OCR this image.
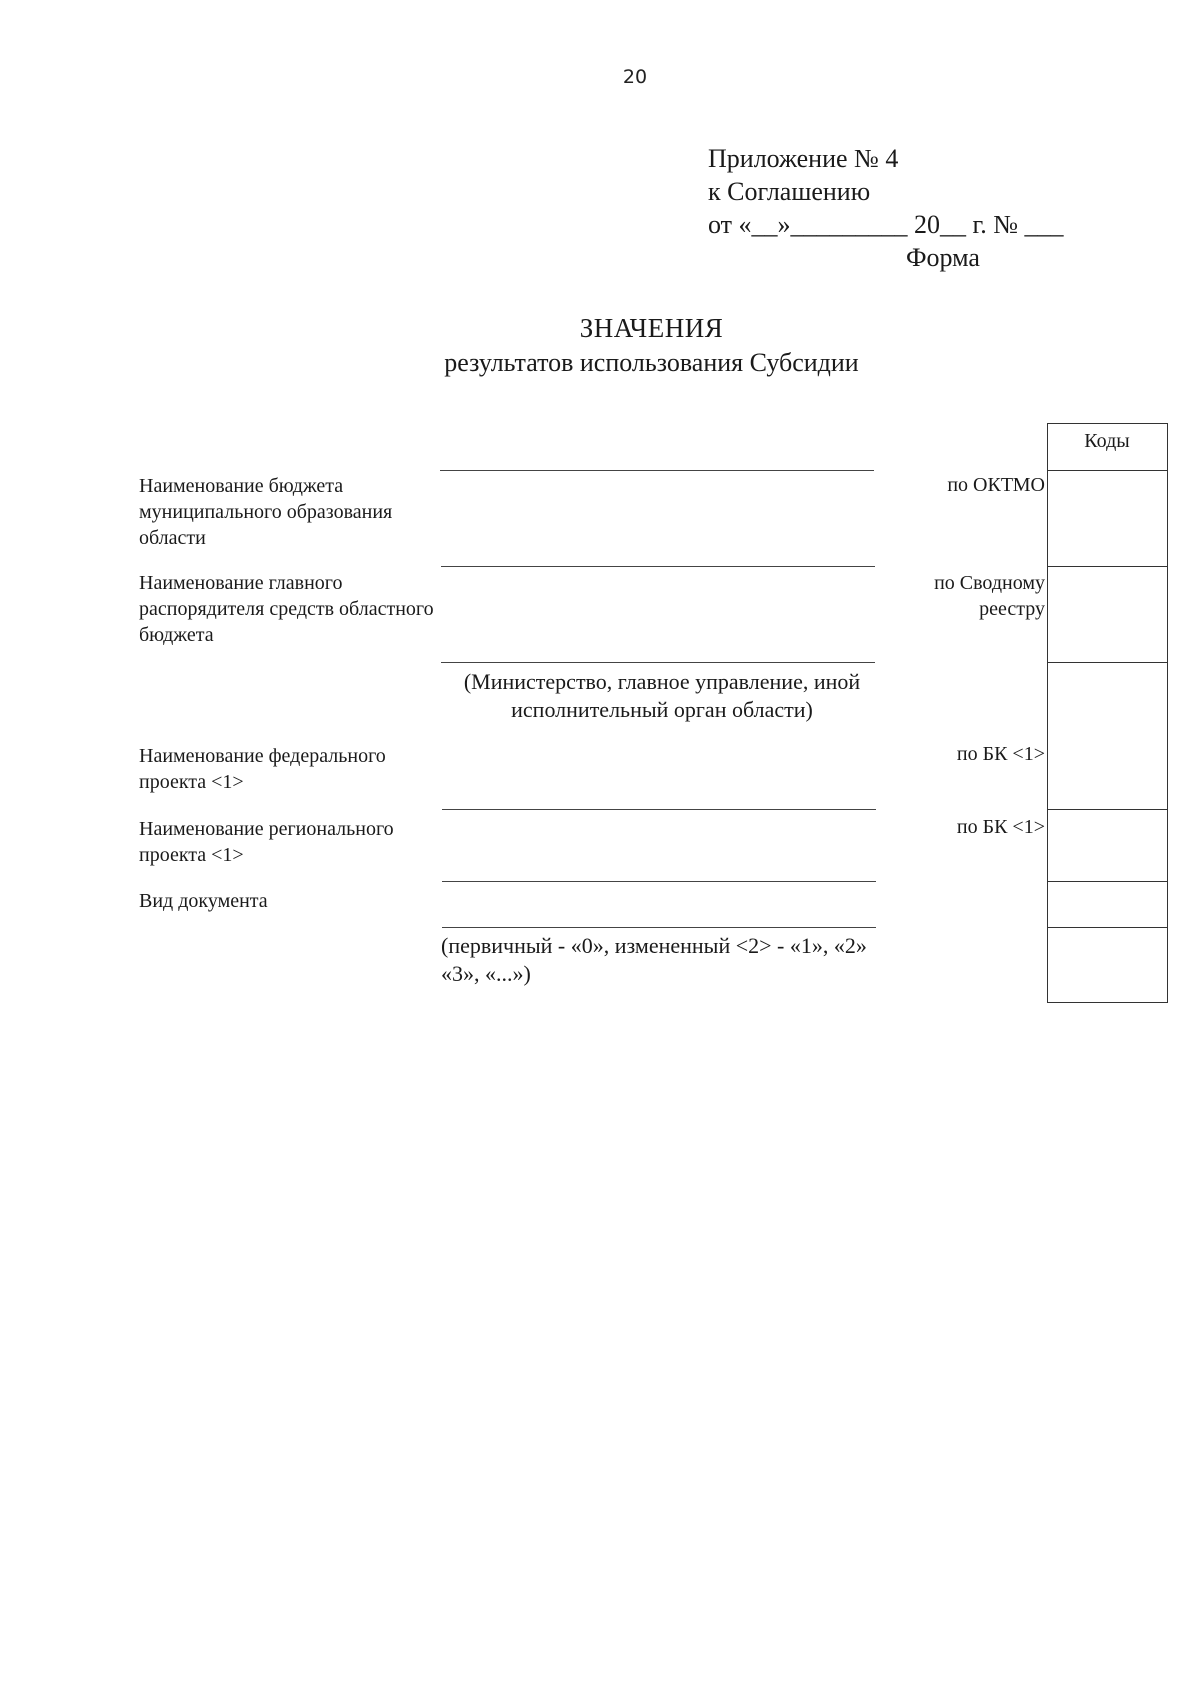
20
Приложение № 4
к Соглашению
от «__»_________ 20__ г. № ___
Форма
ЗНАЧЕНИЯ
результатов использования Субсидии
Наименование бюджета муниципального образования области
Наименование главного распорядителя средств областного бюджета
Наименование федерального проекта <1>
Наименование регионального проекта <1>
Вид документа
(Министерство, главное управление, иной исполнительный орган области)
(первичный - «0», измененный <2> - «1», «2» «3», «...»)
по ОКТМО
по Сводному
реестру
по БК <1>
по БК <1>
Коды
